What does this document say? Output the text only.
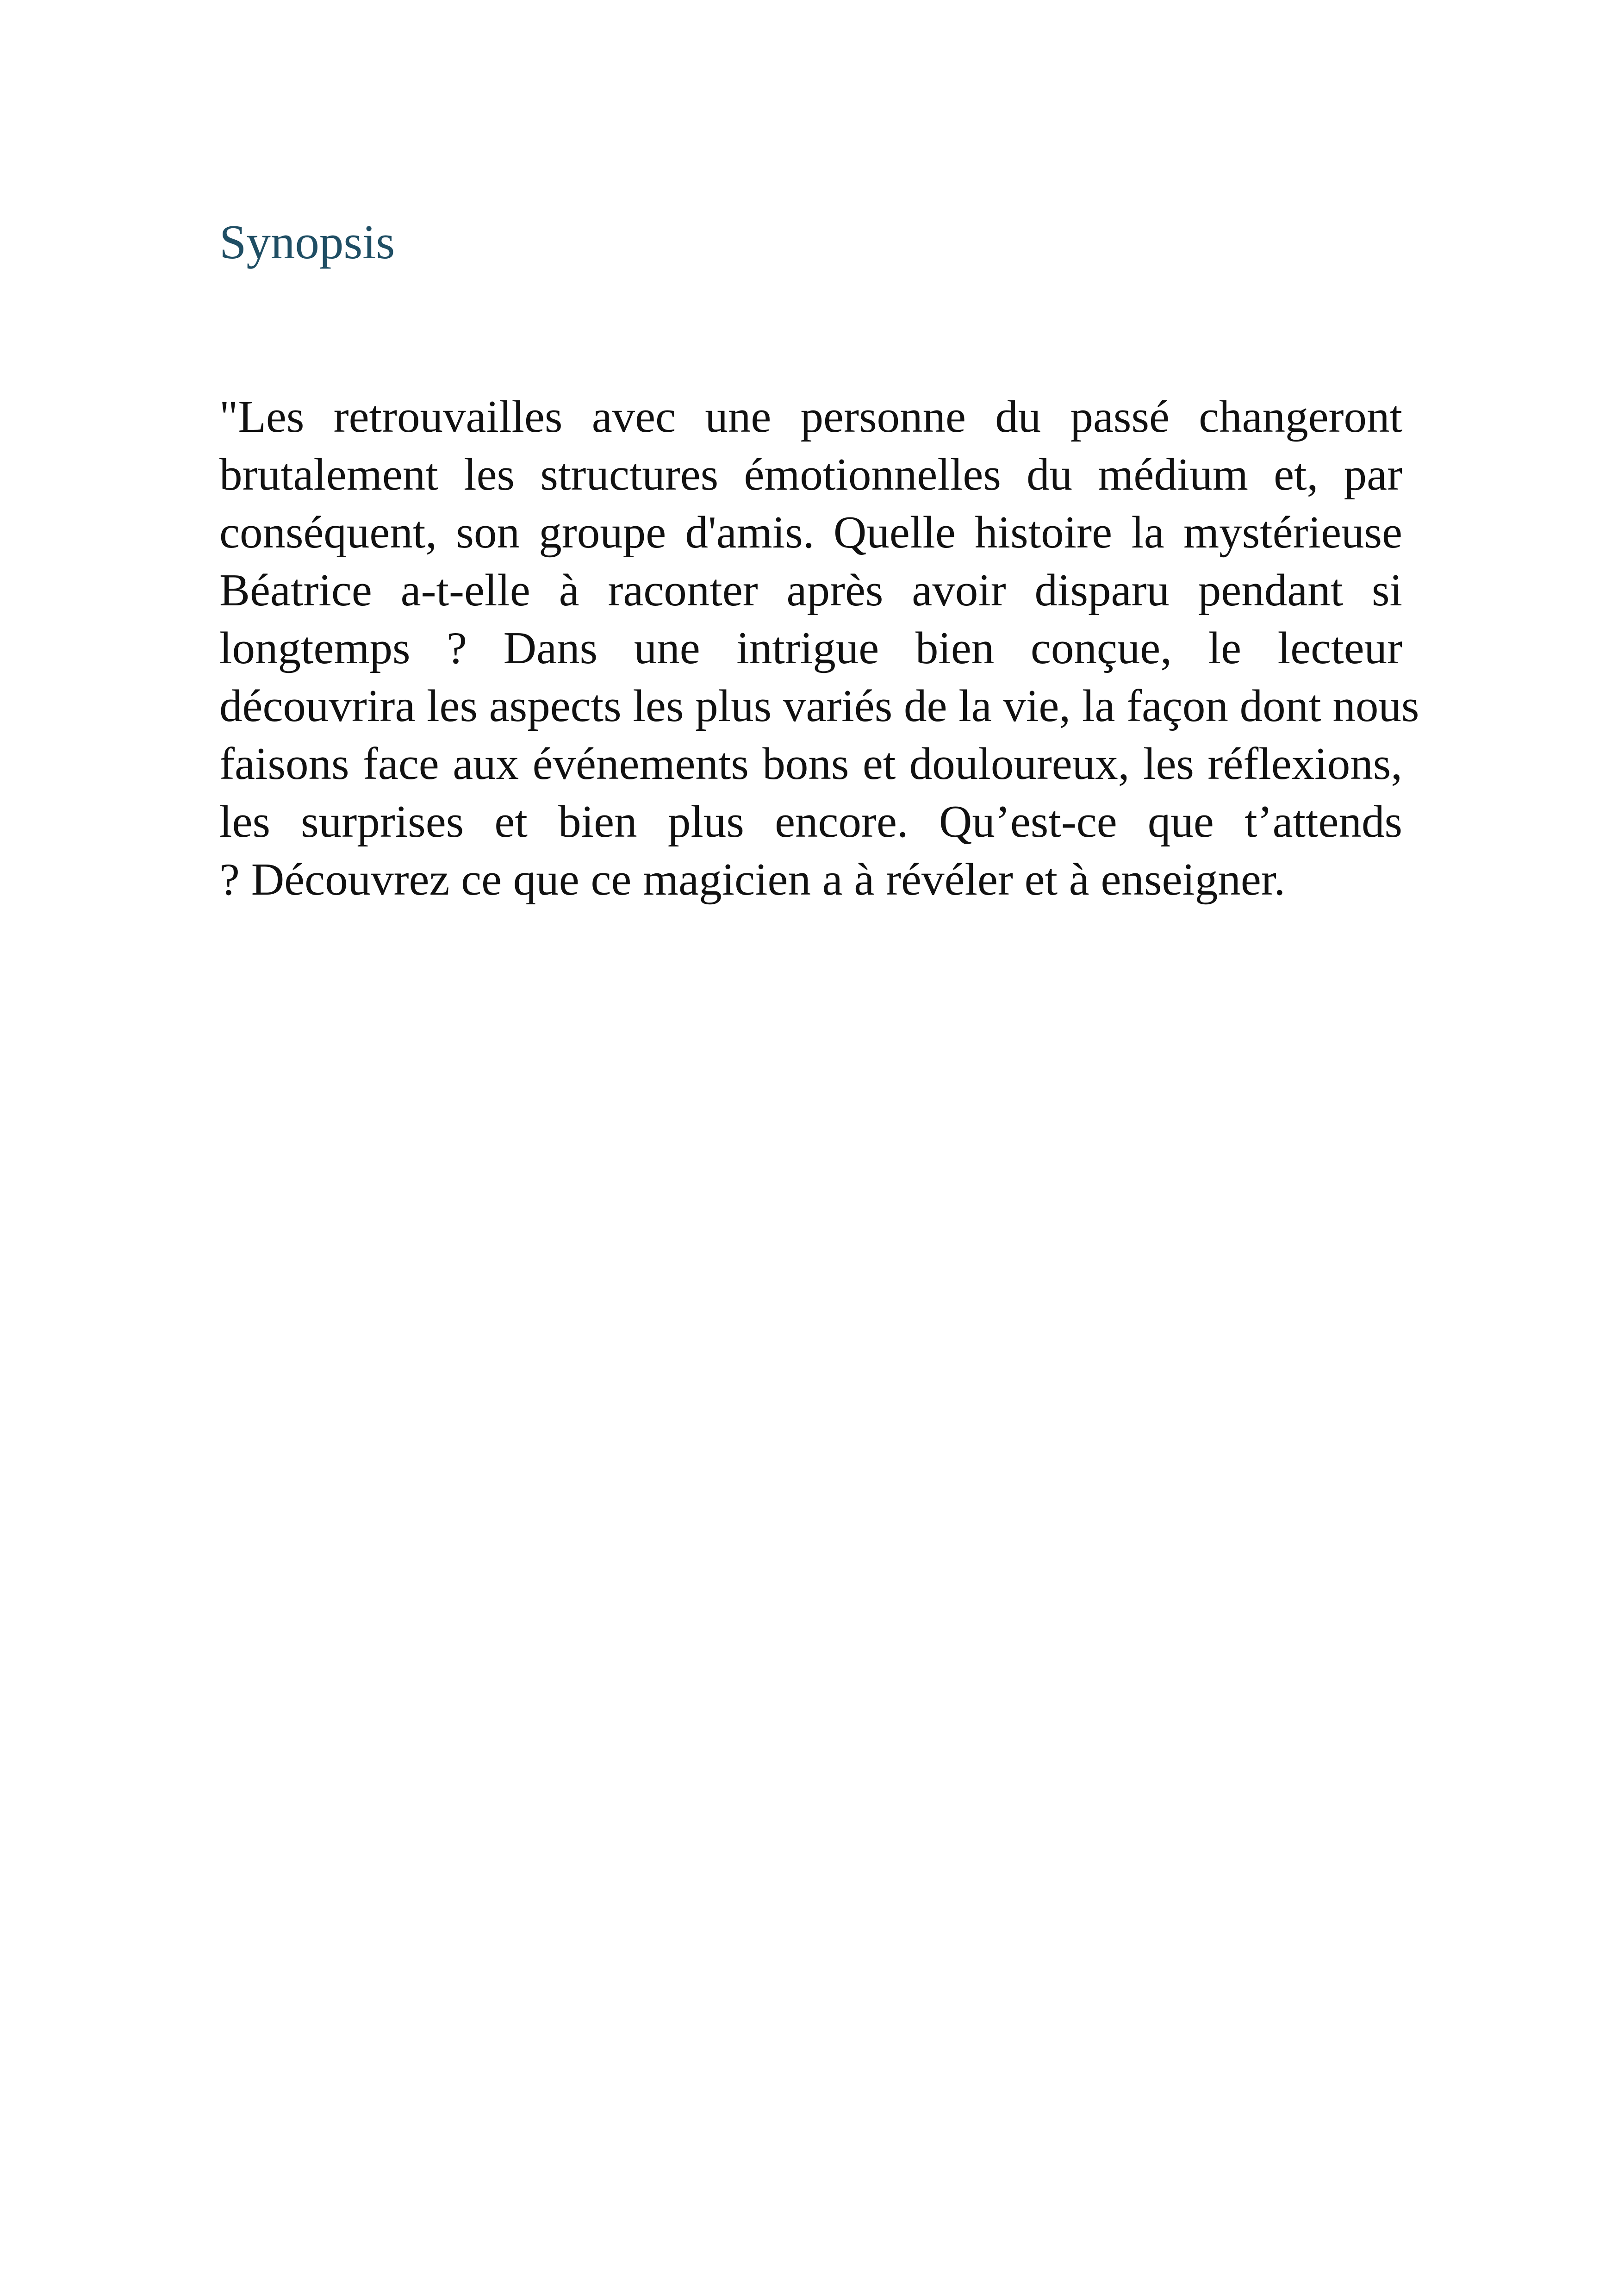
Synopsis
"Les retrouvailles avec une personne du passé changeront
brutalement les structures émotionnelles du médium et, par
conséquent, son groupe d'amis. Quelle histoire la mystérieuse
Béatrice a-t-elle à raconter après avoir disparu pendant si
longtemps ? Dans une intrigue bien conçue, le lecteur
découvrira les aspects les plus variés de la vie, la façon dont nous
faisons face aux événements bons et douloureux, les réflexions,
les surprises et bien plus encore. Qu’est-ce que t’attends
? Découvrez ce que ce magicien a à révéler et à enseigner.
